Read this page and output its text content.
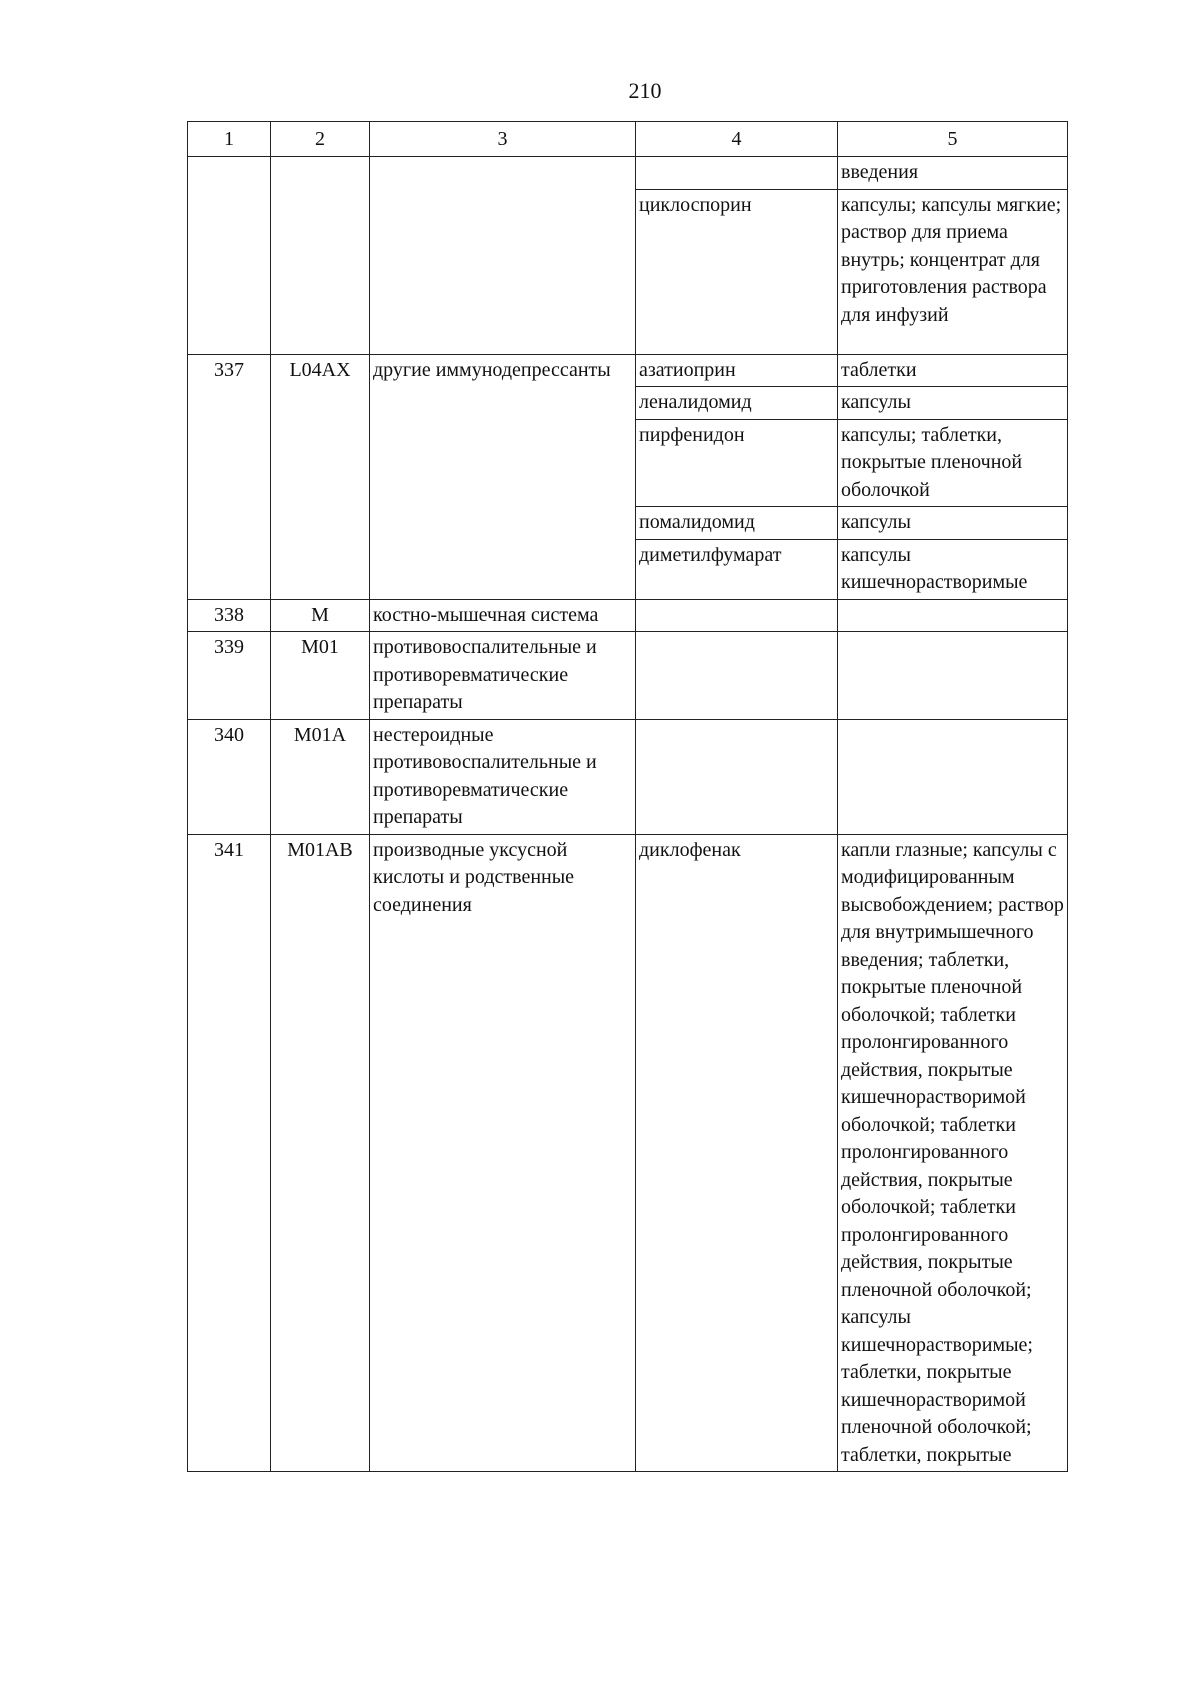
210
1	2	3	4	5
				введения
			циклоспорин	капсулы; капсулы мягкие; раствор для приема внутрь; концентрат для приготовления раствора для инфузий
337	L04AX	другие иммунодепрессанты	азатиоприн	таблетки
			леналидомид	капсулы
			пирфенидон	капсулы; таблетки, покрытые пленочной оболочкой
			помалидомид	капсулы
			диметилфумарат	капсулы кишечнорастворимые
338	М	костно-мышечная система		
339	М01	противовоспалительные и противоревматические препараты		
340	М01А	нестероидные противовоспалительные и противоревматические препараты		
341	М01АВ	производные уксусной кислоты и родственные соединения	диклофенак	капли глазные; капсулы с модифицированным высвобождением; раствор для внутримышечного введения; таблетки, покрытые пленочной оболочкой; таблетки пролонгированного действия, покрытые кишечнорастворимой оболочкой; таблетки пролонгированного действия, покрытые оболочкой; таблетки пролонгированного действия, покрытые пленочной оболочкой; капсулы кишечнорастворимые; таблетки, покрытые кишечнорастворимой пленочной оболочкой; таблетки, покрытые
